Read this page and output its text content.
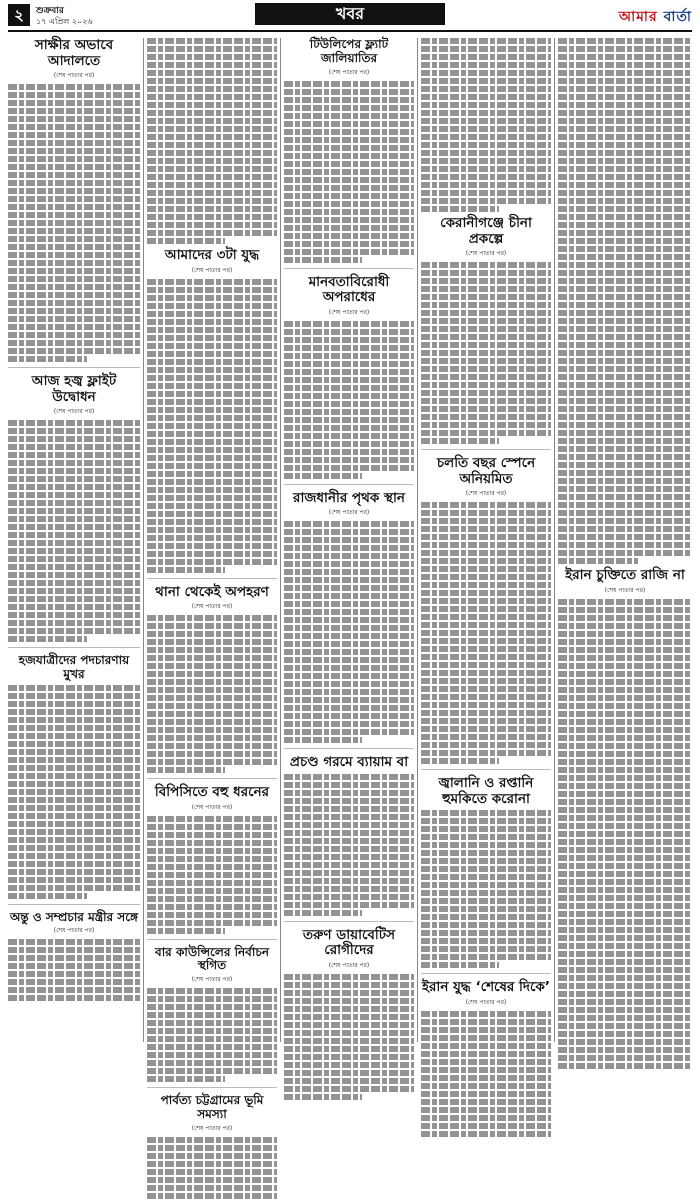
২	শুক্রবার
১৭ এপ্রিল ২০২৬	খবর	আমার বার্তা
সাক্ষীর অভাবে আদালতে
(শেষ পাতার পর)
আজ হজ্ব ফ্লাইট উদ্বোধন
(শেষ পাতার পর)
হজযাত্রীদের পদচারণায় মুখর
অন্তু ও সম্প্রচার মন্ত্রীর সঙ্গে
(শেষ পাতার পর)
আমাদের ৩টা যুদ্ধ
(শেষ পাতার পর)
থানা থেকেই অপহরণ
(শেষ পাতার পর)
বিপিসিতে বহু ধরনের
(শেষ পাতার পর)
বার কাউন্সিলের নির্বাচন স্থগিত
(শেষ পাতার পর)
পার্বত্য চট্টগ্রামের ভূমি সমস্যা
(শেষ পাতার পর)
টিউলিপের ফ্ল্যাট জালিয়াতির
(শেষ পাতার পর)
মানবতাবিরোধী অপরাধের
(শেষ পাতার পর)
রাজধানীর পৃথক স্থান
(শেষ পাতার পর)
প্রচণ্ড গরমে ব্যায়াম বা
তরুণ ডায়াবেটিস রোগীদের
(শেষ পাতার পর)
কেরানীগঞ্জে চীনা প্রকল্পে
(শেষ পাতার পর)
চলতি বছর স্পেনে অনিয়মিত
(শেষ পাতার পর)
জ্বালানি ও রপ্তানি হুমকিতে করোনা
ইরান যুদ্ধ ‘শেষের দিকে’
(শেষ পাতার পর)
ইরান চুক্তিতে রাজি না
(শেষ পাতার পর)
